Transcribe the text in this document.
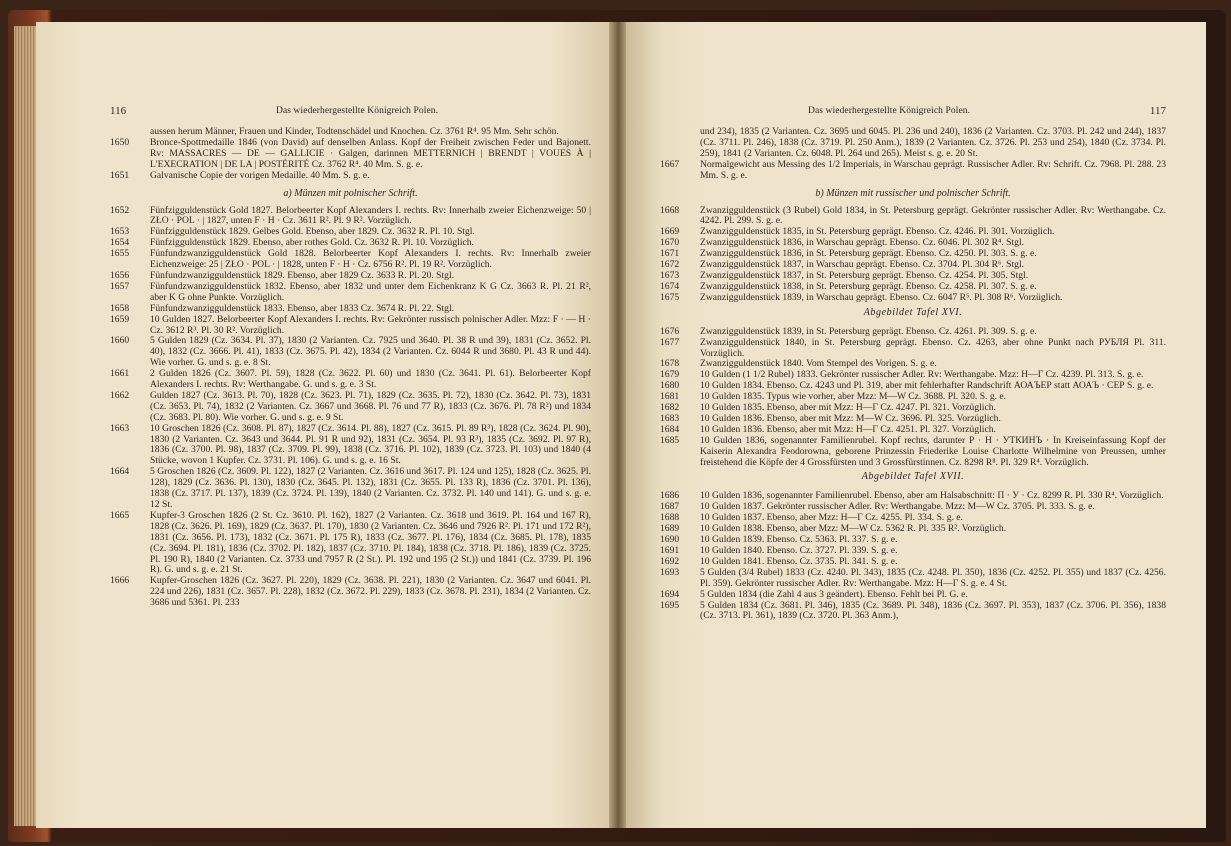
116	Das wiederhergestellte Königreich Polen.
aussen herum Männer, Frauen und Kinder, Todtenschädel und Knochen. Cz. 3761 R⁴. 95 Mm. Sehr schön.
1650	Bronce-Spottmedaille 1846 (von David) auf denselben Anlass. Kopf der Freiheit zwischen Feder und Bajonett. Rv: MASSACRES — DE — GALLICIE · Galgen, darinnen METTERNICH | BRENDT | VOUES À | L'EXECRATION | DE LA | POSTÉRITÉ Cz. 3762 R⁴. 40 Mm. S. g. e.
1651	Galvanische Copie der vorigen Medaille. 40 Mm. S. g. e.
a) Münzen mit polnischer Schrift.
1652	Fünfzigguldenstück Gold 1827. Belorbeerter Kopf Alexanders I. rechts. Rv: Innerhalb zweier Eichenzweige: 50 | ZŁO · POL · | 1827, unten F · H · Cz. 3611 R². Pl. 9 R². Vorzüglich.
1653	Fünfzigguldenstück 1829. Gelbes Gold. Ebenso, aber 1829. Cz. 3632 R. Pl. 10. Stgl.
1654	Fünfzigguldenstück 1829. Ebenso, aber rothes Gold. Cz. 3632 R. Pl. 10. Vorzüglich.
1655	Fünfundzwanzigguldenstück Gold 1828. Belorbeerter Kopf Alexanders I. rechts. Rv: Innerhalb zweier Eichenzweige: 25 | ZŁO · POL · | 1828, unten F · H · Cz. 6756 R². Pl. 19 R². Vorzüglich.
1656	Fünfundzwanzigguldenstück 1829. Ebenso, aber 1829 Cz. 3633 R. Pl. 20. Stgl.
1657	Fünfundzwanzigguldenstück 1832. Ebenso, aber 1832 und unter dem Eichenkranz K G Cz. 3663 R. Pl. 21 R², aber K G ohne Punkte. Vorzüglich.
1658	Fünfundzwanzigguldenstück 1833. Ebenso, aber 1833 Cz. 3674 R. Pl. 22. Stgl.
1659	10 Gulden 1827. Belorbeerter Kopf Alexanders I. rechts. Rv: Gekrönter russisch polnischer Adler. Mzz: F · — H · Cz. 3612 R³. Pl. 30 R². Vorzüglich.
1660	5 Gulden 1829 (Cz. 3634. Pl. 37), 1830 (2 Varianten. Cz. 7925 und 3640. Pl. 38 R und 39), 1831 (Cz. 3652. Pl. 40), 1832 (Cz. 3666. Pl. 41), 1833 (Cz. 3675. Pl. 42), 1834 (2 Varianten. Cz. 6044 R und 3680. Pl. 43 R und 44). Wie vorher. G. und s. g. e. 8 St.
1661	2 Gulden 1826 (Cz. 3607. Pl. 59), 1828 (Cz. 3622. Pl. 60) und 1830 (Cz. 3641. Pl. 61). Belorbeerter Kopf Alexanders I. rechts. Rv: Werthangabe. G. und s. g. e. 3 St.
1662	Gulden 1827 (Cz. 3613. Pl. 70), 1828 (Cz. 3623. Pl. 71), 1829 (Cz. 3635. Pl. 72), 1830 (Cz. 3642. Pl. 73), 1831 (Cz. 3653. Pl. 74), 1832 (2 Varianten. Cz. 3667 und 3668. Pl. 76 und 77 R), 1833 (Cz. 3676. Pl. 78 R²) und 1834 (Cz. 3683. Pl. 80). Wie vorher. G. und s. g. e. 9 St.
1663	10 Groschen 1826 (Cz. 3608. Pl. 87), 1827 (Cz. 3614. Pl. 88), 1827 (Cz. 3615. Pl. 89 R³), 1828 (Cz. 3624. Pl. 90), 1830 (2 Varianten. Cz. 3643 und 3644. Pl. 91 R und 92), 1831 (Cz. 3654. Pl. 93 R³), 1835 (Cz. 3692. Pl. 97 R), 1836 (Cz. 3700. Pl. 98), 1837 (Cz. 3709. Pl. 99), 1838 (Cz. 3716. Pl. 102), 1839 (Cz. 3723. Pl. 103) und 1840 (4 Stücke, wovon 1 Kupfer. Cz. 3731. Pl. 106). G. und s. g. e. 16 St.
1664	5 Groschen 1826 (Cz. 3609. Pl. 122), 1827 (2 Varianten. Cz. 3616 und 3617. Pl. 124 und 125), 1828 (Cz. 3625. Pl. 128), 1829 (Cz. 3636. Pl. 130), 1830 (Cz. 3645. Pl. 132), 1831 (Cz. 3655. Pl. 133 R), 1836 (Cz. 3701. Pl. 136), 1838 (Cz. 3717. Pl. 137), 1839 (Cz. 3724. Pl. 139), 1840 (2 Varianten. Cz. 3732. Pl. 140 und 141). G. und s. g. e. 12 St.
1665	Kupfer-3 Groschen 1826 (2 St. Cz. 3610. Pl. 162), 1827 (2 Varianten. Cz. 3618 und 3619. Pl. 164 und 167 R), 1828 (Cz. 3626. Pl. 169), 1829 (Cz. 3637. Pl. 170), 1830 (2 Varianten. Cz. 3646 und 7926 R². Pl. 171 und 172 R²), 1831 (Cz. 3656. Pl. 173), 1832 (Cz. 3671. Pl. 175 R), 1833 (Cz. 3677. Pl. 176), 1834 (Cz. 3685. Pl. 178), 1835 (Cz. 3694. Pl. 181), 1836 (Cz. 3702. Pl. 182), 1837 (Cz. 3710. Pl. 184), 1838 (Cz. 3718. Pl. 186), 1839 (Cz. 3725. Pl. 190 R), 1840 (2 Varianten. Cz. 3733 und 7957 R (2 St.). Pl. 192 und 195 (2 St.)) und 1841 (Cz. 3739. Pl. 196 R). G. und s. g. e. 21 St.
1666	Kupfer-Groschen 1826 (Cz. 3627. Pl. 220), 1829 (Cz. 3638. Pl. 221), 1830 (2 Varianten. Cz. 3647 und 6041. Pl. 224 und 226), 1831 (Cz. 3657. Pl. 228), 1832 (Cz. 3672. Pl. 229), 1833 (Cz. 3678. Pl. 231), 1834 (2 Varianten. Cz. 3686 und 5361. Pl. 233
Das wiederhergestellte Königreich Polen.	117
und 234), 1835 (2 Varianten. Cz. 3695 und 6045. Pl. 236 und 240), 1836 (2 Varianten. Cz. 3703. Pl. 242 und 244), 1837 (Cz. 3711. Pl. 246), 1838 (Cz. 3719. Pl. 250 Anm.), 1839 (2 Varianten. Cz. 3726. Pl. 253 und 254), 1840 (Cz. 3734. Pl. 259), 1841 (2 Varianten. Cz. 6048. Pl. 264 und 265). Meist s. g. e. 20 St.
1667	Normalgewicht aus Messing des 1/2 Imperials, in Warschau geprägt. Russischer Adler. Rv: Schrift. Cz. 7968. Pl. 288. 23 Mm. S. g. e.
b) Münzen mit russischer und polnischer Schrift.
1668	Zwanzigguldenstück (3 Rubel) Gold 1834, in St. Petersburg geprägt. Gekrönter russischer Adler. Rv: Werthangabe. Cz. 4242. Pl. 299. S. g. e.
1669	Zwanzigguldenstück 1835, in St. Petersburg geprägt. Ebenso. Cz. 4246. Pl. 301. Vorzüglich.
1670	Zwanzigguldenstück 1836, in Warschau geprägt. Ebenso. Cz. 6046. Pl. 302 R⁴. Stgl.
1671	Zwanzigguldenstück 1836, in St. Petersburg geprägt. Ebenso. Cz. 4250. Pl. 303. S. g. e.
1672	Zwanzigguldenstück 1837, in Warschau geprägt. Ebenso. Cz. 3704. Pl. 304 R⁶. Stgl.
1673	Zwanzigguldenstück 1837, in St. Petersburg geprägt. Ebenso. Cz. 4254. Pl. 305. Stgl.
1674	Zwanzigguldenstück 1838, in St. Petersburg geprägt. Ebenso. Cz. 4258. Pl. 307. S. g. e.
1675	Zwanzigguldenstück 1839, in Warschau geprägt. Ebenso. Cz. 6047 R⁵. Pl. 308 R⁶. Vorzüglich.
Abgebildet Tafel XVI.
1676	Zwanzigguldenstück 1839, in St. Petersburg geprägt. Ebenso. Cz. 4261. Pl. 309. S. g. e.
1677	Zwanzigguldenstück 1840, in St. Petersburg geprägt. Ebenso. Cz. 4263, aber ohne Punkt nach РУБЛЯ Pl. 311. Vorzüglich.
1678	Zwanzigguldenstück 1840. Vom Stempel des Vorigen. S. g. e.
1679	10 Gulden (1 1/2 Rubel) 1833. Gekrönter russischer Adler. Rv: Werthangabe. Mzz: Н—Г Cz. 4239. Pl. 313. S. g. e.
1680	10 Gulden 1834. Ebenso. Cz. 4243 und Pl. 319, aber mit fehlerhafter Randschrift АОАЪЕР statt АОАЪ · СЕР S. g. e.
1681	10 Gulden 1835. Typus wie vorher, aber Mzz: M—W Cz. 3688. Pl. 320. S. g. e.
1682	10 Gulden 1835. Ebenso, aber mit Mzz: Н—Г Cz. 4247. Pl. 321. Vorzüglich.
1683	10 Gulden 1836. Ebenso, aber mit Mzz: M—W Cz. 3696. Pl. 325. Vorzüglich.
1684	10 Gulden 1836. Ebenso, aber mit Mzz: Н—Г Cz. 4251. Pl. 327. Vorzüglich.
1685	10 Gulden 1836, sogenannter Familienrubel. Kopf rechts, darunter Р · Н · УТКИНЪ · In Kreiseinfassung Kopf der Kaiserin Alexandra Feodorowna, geborene Prinzessin Friederike Louise Charlotte Wilhelmine von Preussen, umher freistehend die Köpfe der 4 Grossfürsten und 3 Grossfürstinnen. Cz. 8298 R⁸. Pl. 329 R⁴. Vorzüglich.
Abgebildet Tafel XVII.
1686	10 Gulden 1836, sogenannter Familienrubel. Ebenso, aber am Halsabschnitt: П · У · Cz. 8299 R. Pl. 330 R⁴. Vorzüglich.
1687	10 Gulden 1837. Gekrönter russischer Adler. Rv: Werthangabe. Mzz: M—W Cz. 3705. Pl. 333. S. g. e.
1688	10 Gulden 1837. Ebenso, aber Mzz: Н—Г Cz. 4255. Pl. 334. S. g. e.
1689	10 Gulden 1838. Ebenso, aber Mzz: M—W Cz. 5362 R. Pl. 335 R². Vorzüglich.
1690	10 Gulden 1839. Ebenso. Cz. 5363. Pl. 337. S. g. e.
1691	10 Gulden 1840. Ebenso. Cz. 3727. Pl. 339. S. g. e.
1692	10 Gulden 1841. Ebenso. Cz. 3735. Pl. 341. S. g. e.
1693	5 Gulden (3/4 Rubel) 1833 (Cz. 4240. Pl. 343), 1835 (Cz. 4248. Pl. 350), 1836 (Cz. 4252. Pl. 355) und 1837 (Cz. 4256. Pl. 359). Gekrönter russischer Adler. Rv: Werthangabe. Mzz: Н—Г S. g. e. 4 St.
1694	5 Gulden 1834 (die Zahl 4 aus 3 geändert). Ebenso. Fehlt bei Pl. G. e.
1695	5 Gulden 1834 (Cz. 3681. Pl. 346), 1835 (Cz. 3689. Pl. 348), 1836 (Cz. 3697. Pl. 353), 1837 (Cz. 3706. Pl. 356), 1838 (Cz. 3713. Pl. 361), 1839 (Cz. 3720. Pl. 363 Anm.),
